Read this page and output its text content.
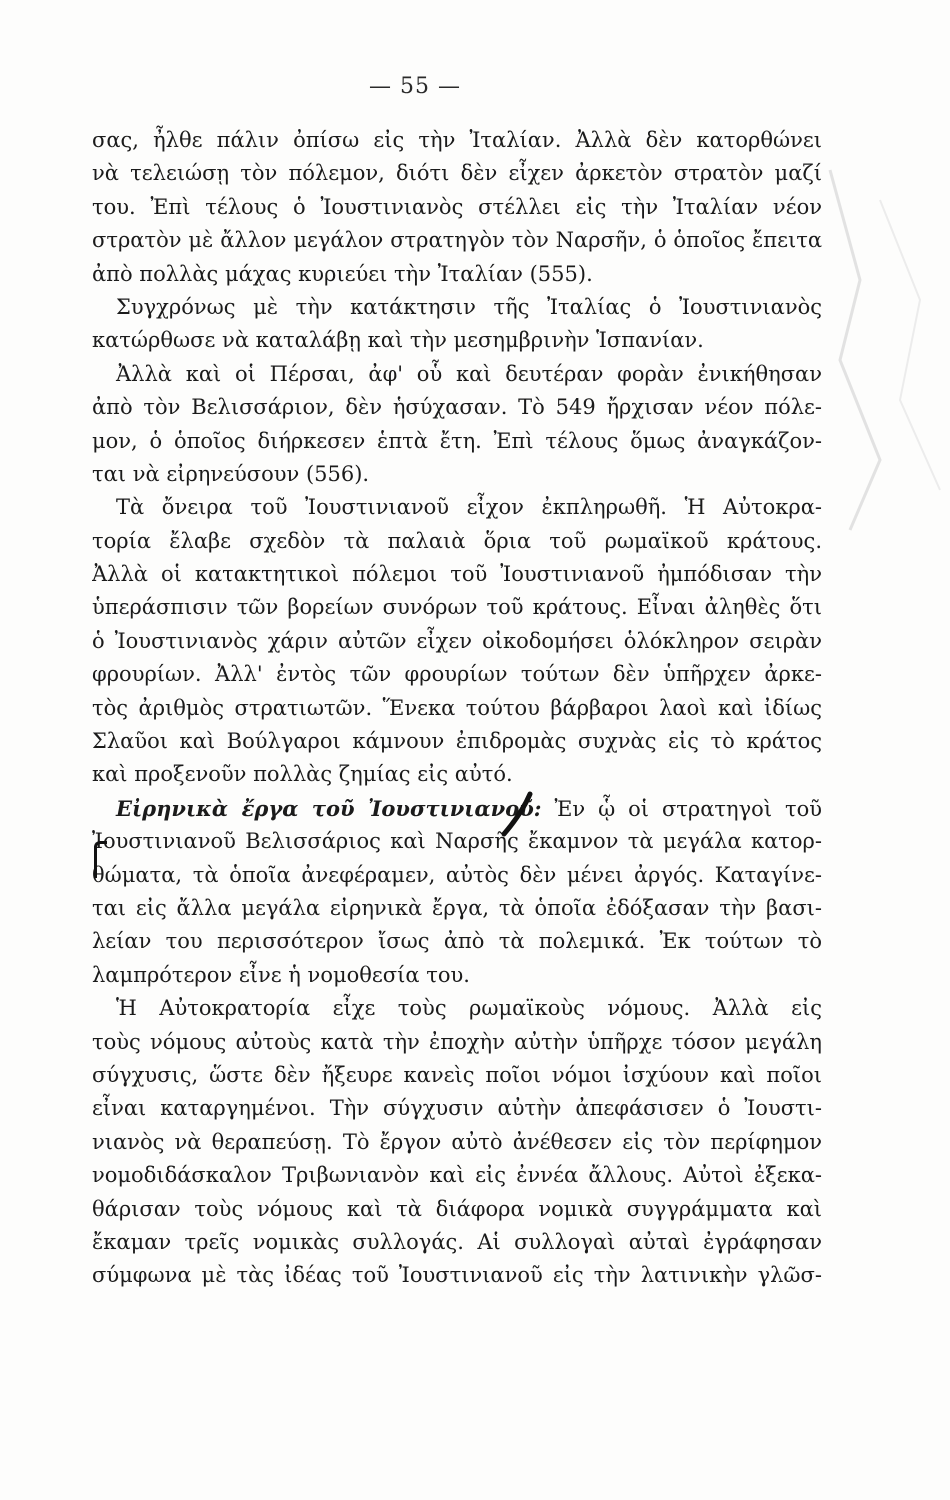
— 55 —
σας, ἦλθε πάλιν ὀπίσω εἰς τὴν Ἰταλίαν. Ἀλλὰ δὲν κατορθώνει
νὰ τελειώσῃ τὸν πόλεμον, διότι δὲν εἶχεν ἀρκετὸν στρατὸν μαζί
του. Ἐπὶ τέλους ὁ Ἰουστινιανὸς στέλλει εἰς τὴν Ἰταλίαν νέον
στρατὸν μὲ ἄλλον μεγάλον στρατηγὸν τὸν Ναρσῆν, ὁ ὁποῖος ἔπειτα
ἀπὸ πολλὰς μάχας κυριεύει τὴν Ἰταλίαν (555).
Συγχρόνως μὲ τὴν κατάκτησιν τῆς Ἰταλίας ὁ Ἰουστινιανὸς
κατώρθωσε νὰ καταλάβῃ καὶ τὴν μεσημβρινὴν Ἱσπανίαν.
Ἀλλὰ καὶ οἱ Πέρσαι, ἀφ' οὗ καὶ δευτέραν φορὰν ἐνικήθησαν
ἀπὸ τὸν Βελισσάριον, δὲν ἡσύχασαν. Τὸ 549 ἤρχισαν νέον πόλε-
μον, ὁ ὁποῖος διήρκεσεν ἑπτὰ ἔτη. Ἐπὶ τέλους ὅμως ἀναγκάζον-
ται νὰ εἰρηνεύσουν (556).
Τὰ ὄνειρα τοῦ Ἰουστινιανοῦ εἶχον ἐκπληρωθῆ. Ἡ Αὐτοκρα-
τορία ἔλαβε σχεδὸν τὰ παλαιὰ ὅρια τοῦ ρωμαϊκοῦ κράτους.
Ἀλλὰ οἱ κατακτητικοὶ πόλεμοι τοῦ Ἰουστινιανοῦ ἠμπόδισαν τὴν
ὑπεράσπισιν τῶν βορείων συνόρων τοῦ κράτους. Εἶναι ἀληθὲς ὅτι
ὁ Ἰουστινιανὸς χάριν αὐτῶν εἶχεν οἰκοδομήσει ὁλόκληρον σειρὰν
φρουρίων. Ἀλλ' ἐντὸς τῶν φρουρίων τούτων δὲν ὑπῆρχεν ἀρκε-
τὸς ἀριθμὸς στρατιωτῶν. Ἕνεκα τούτου βάρβαροι λαοὶ καὶ ἰδίως
Σλαῦοι καὶ Βούλγαροι κάμνουν ἐπιδρομὰς συχνὰς εἰς τὸ κράτος
καὶ προξενοῦν πολλὰς ζημίας εἰς αὐτό.
Εἰρηνικὰ ἔργα τοῦ Ἰουστινιανοῦ: Ἐν ᾧ οἱ στρατηγοὶ τοῦ
Ἰουστινιανοῦ Βελισσάριος καὶ Ναρσῆς ἔκαμνον τὰ μεγάλα κατορ-
θώματα, τὰ ὁποῖα ἀνεφέραμεν, αὐτὸς δὲν μένει ἀργός. Καταγίνε-
ται εἰς ἄλλα μεγάλα εἰρηνικὰ ἔργα, τὰ ὁποῖα ἐδόξασαν τὴν βασι-
λείαν του περισσότερον ἴσως ἀπὸ τὰ πολεμικά. Ἐκ τούτων τὸ
λαμπρότερον εἶνε ἡ νομοθεσία του.
Ἡ Αὐτοκρατορία εἶχε τοὺς ρωμαϊκοὺς νόμους. Ἀλλὰ εἰς
τοὺς νόμους αὐτοὺς κατὰ τὴν ἐποχὴν αὐτὴν ὑπῆρχε τόσον μεγάλη
σύγχυσις, ὥστε δὲν ἤξευρε κανεὶς ποῖοι νόμοι ἰσχύουν καὶ ποῖοι
εἶναι καταργημένοι. Τὴν σύγχυσιν αὐτὴν ἀπεφάσισεν ὁ Ἰουστι-
νιανὸς νὰ θεραπεύσῃ. Τὸ ἔργον αὐτὸ ἀνέθεσεν εἰς τὸν περίφημον
νομοδιδάσκαλον Τριβωνιανὸν καὶ εἰς ἐννέα ἄλλους. Αὐτοὶ ἐξεκα-
θάρισαν τοὺς νόμους καὶ τὰ διάφορα νομικὰ συγγράμματα καὶ
ἔκαμαν τρεῖς νομικὰς συλλογάς. Αἱ συλλογαὶ αὐταὶ ἐγράφησαν
σύμφωνα μὲ τὰς ἰδέας τοῦ Ἰουστινιανοῦ εἰς τὴν λατινικὴν γλῶσ-
